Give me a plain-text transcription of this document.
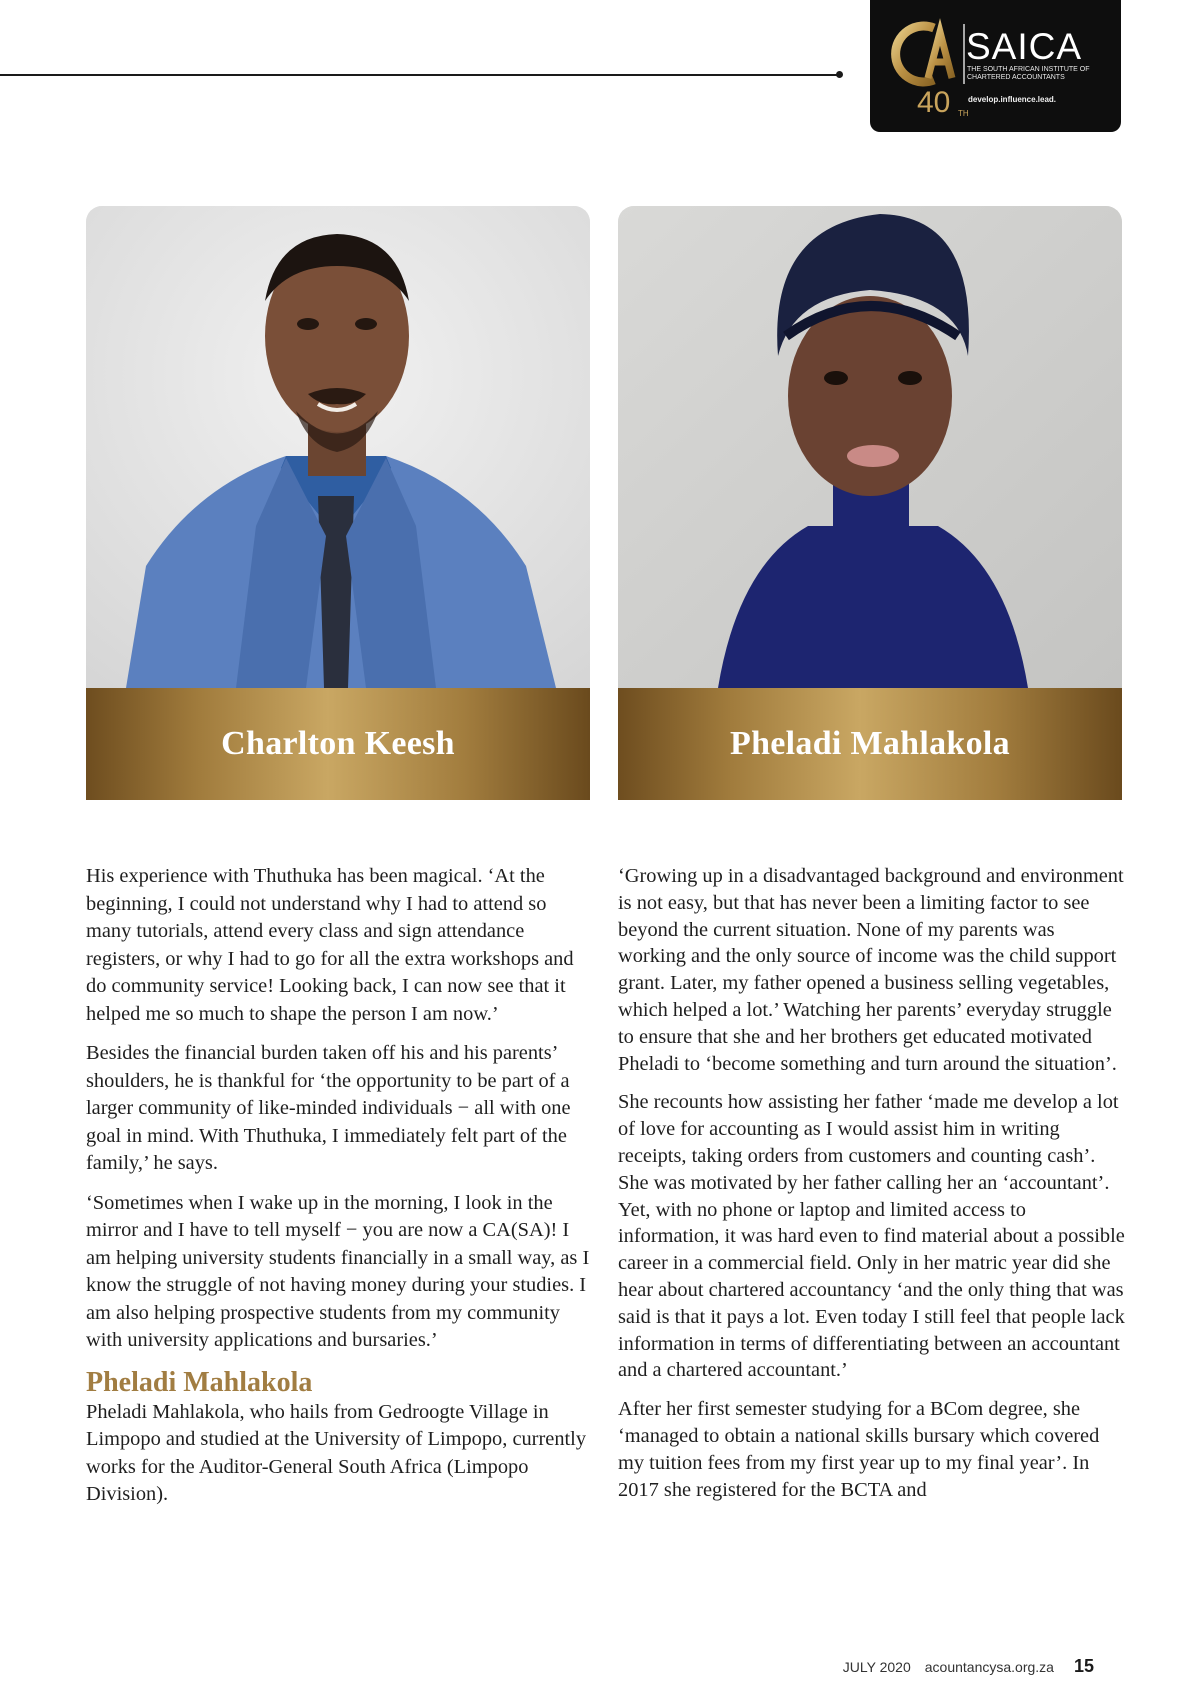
SAICA
THE SOUTH AFRICAN INSTITUTE OF CHARTERED ACCOUNTANTS
develop.influence.lead.
40 TH
Charlton Keesh	Pheladi Mahlakola

His experience with Thuthuka has been magical. ‘At the beginning, I could not understand why I had to attend so many tutorials, attend every class and sign attendance registers, or why I had to go for all the extra workshops and do community service! Looking back, I can now see that it helped me so much to shape the person I am now.’

Besides the financial burden taken off his and his parents’ shoulders, he is thankful for ‘the opportunity to be part of a larger community of like-minded individuals − all with one goal in mind. With Thuthuka, I immediately felt part of the family,’ he says.

‘Sometimes when I wake up in the morning, I look in the mirror and I have to tell myself − you are now a CA(SA)! I am helping university students financially in a small way, as I know the struggle of not having money during your studies. I am also helping prospective students from my community with university applications and bursaries.’

Pheladi Mahlakola

Pheladi Mahlakola, who hails from Gedroogte Village in Limpopo and studied at the University of Limpopo, currently works for the Auditor-General South Africa (Limpopo Division).

‘Growing up in a disadvantaged background and environment is not easy, but that has never been a limiting factor to see beyond the current situation. None of my parents was working and the only source of income was the child support grant. Later, my father opened a business selling vegetables, which helped a lot.’ Watching her parents’ everyday struggle to ensure that she and her brothers get educated motivated Pheladi to ‘become something and turn around the situation’.

She recounts how assisting her father ‘made me develop a lot of love for accounting as I would assist him in writing receipts, taking orders from customers and counting cash’. She was motivated by her father calling her an ‘accountant’. Yet, with no phone or laptop and limited access to information, it was hard even to find material about a possible career in a commercial field. Only in her matric year did she hear about chartered accountancy ‘and the only thing that was said is that it pays a lot. Even today I still feel that people lack information in terms of differentiating between an accountant and a chartered accountant.’

After her first semester studying for a BCom degree, she ‘managed to obtain a national skills bursary which covered my tuition fees from my first year up to my final year’. In 2017 she registered for the BCTA and

JULY 2020 acountancysa.org.za 15
